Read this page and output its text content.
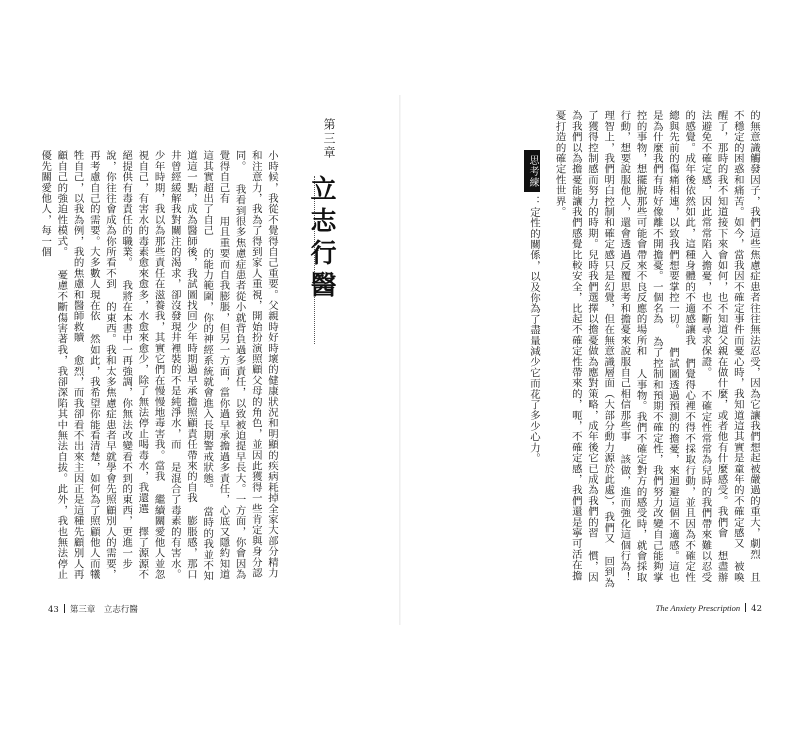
的無意識觸發因子，我們這些焦慮症患者往往無法忍受，因為它讓我們想起被嚴過的重大，劇烈 且不穩定的困惑和痛苦。如今，當我因不確定事件而憂心時，我知道這其實是童年的不確定感又 被喚醒了，那時的我不知道接下來會如何，也不知道父親在做什麼，或者他有什麼感受。我們會 想盡辦法避免不確定感，因此常常陷入擔憂，也不斷尋求保證。 不確定性常常為兒時的我們帶來難以忍受的感覺。成年後依然如此，這種身體的不適感讓我 們覺得心裡不得不採取行動，並且因為不確定性總與先前的傷痛相連，以致我們想要掌控一切。 們試圖透過預測的擔憂，來迴避這個不適感。這也是為什麼我們有時好像離不開擔憂。一個名為 為了控制和預期不確定性，我們努力改變自己能夠掌控的事物，想擺脫那些可能會帶來不良反應的場所和 人事物。我們不確定對方的感受時，就會採取行動，想要說服他人，還會透過反覆思考和擔憂來說服自己相信那些事 該做，進而強化這個行為！ 理智上，我們明白控制和確定感只是幻覺，但在無意識層面（大部分動力源於此處），我們又 回到為了獲得控制感而努力的時期。兒時我們選擇以擔憂做為應對策略，成年後它已成為我們的習 慣，因為我們以為擔憂能讓我們感覺比較安全，比起不確定性帶來的，呃，不確定感，我們還是寧可活在擔憂打造的確定性世界。
思考練習
：定性的關係，以及你為了盡量減少它而花了多少心力。
第三章
立志行醫
小時候，我從不覺得自己重要。父親時好時壞的健康狀況和明顯的疾病耗掉全家大部分精力 和注意力，我為了得到家人重視，開始扮演照顧父母的角色，並因此獲得一些肯定與身分認同。 我看到很多焦慮症患者從小就背負過多責任，以致被迫提早長大。一方面，你會因為覺得自己有 用且重要而自我膨脹，但另一方面，當你過早承擔過多責任，心底又隱約知道這其實超出了自己 的能力範圍，你的神經系統就會進入長期警戒狀態。 當時的我並不知道這一點，成為醫師後，我試圖找回少年時期過早承擔照顧責任帶來的自我 膨脹感，那口井曾經緩解我對關注的渴求，卻沒發現井裡裝的不是純淨水，而 是混合了毒素的有害水。少年時期，我以為那些責任在滋養我，其實它們在慢慢地毒害我。當我 繼續關愛他人並忽視自己，有害水的毒素愈來愈多，水愈來愈少，除了無法停止喝毒水，我還選 擇了源源不絕提供有毒責任的職業。 我將在本書中一再強調，你無法改變看不到的東西，更進一步說，你往往會成為你所看不到 的東西。我和太多焦慮症患者早就學會先照顧別人的需要，再考慮自己的需要。大多數人現在依 然如此，我希望你能看清楚，如何為了照顧他人而犧牲自己，以我為例，我的焦慮和醫師救贖 愈烈，而我卻看不出來主因正是這種先顧別人再顧自己的強迫性模式。 憂慮不斷傷害著我，我卻深陷其中無法自拔。此外，我也無法停止優先關愛他人，每一個
43 第三章　立志行醫	The Anxiety Prescription 42
